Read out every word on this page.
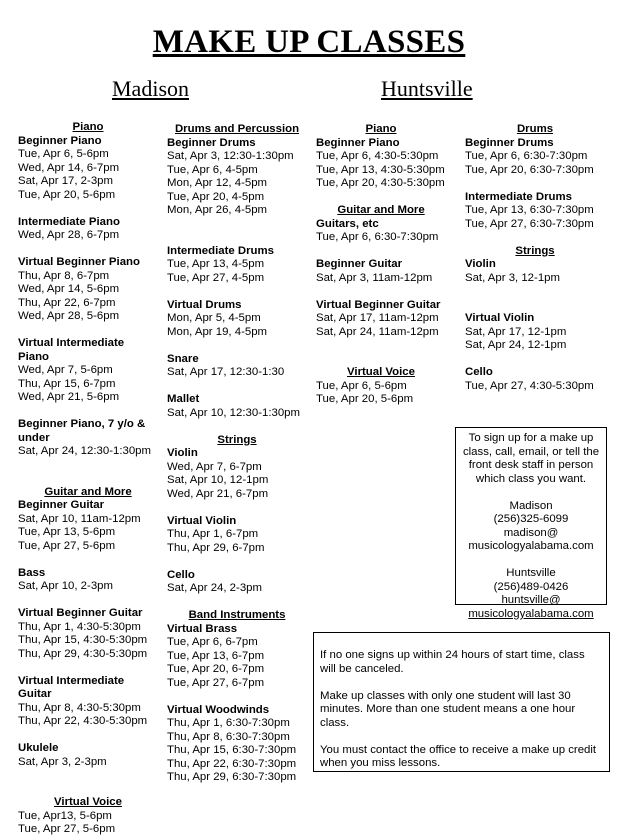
MAKE UP CLASSES
Madison	Huntsville
Piano
Beginner Piano
Tue, Apr 6, 5-6pm
Wed, Apr 14, 6-7pm
Sat, Apr 17, 2-3pm
Tue, Apr 20, 5-6pm
Intermediate Piano
Wed, Apr 28, 6-7pm
Virtual Beginner Piano
Thu, Apr 8, 6-7pm
Wed, Apr 14, 5-6pm
Thu, Apr 22, 6-7pm
Wed, Apr 28, 5-6pm
Virtual Intermediate
Piano
Wed, Apr 7, 5-6pm
Thu, Apr 15, 6-7pm
Wed, Apr 21, 5-6pm
Beginner Piano, 7 y/o &
under
Sat, Apr 24, 12:30-1:30pm
Guitar and More
Beginner Guitar
Sat, Apr 10, 11am-12pm
Tue, Apr 13, 5-6pm
Tue, Apr 27, 5-6pm
Bass
Sat, Apr 10, 2-3pm
Virtual Beginner Guitar
Thu, Apr 1, 4:30-5:30pm
Thu, Apr 15, 4:30-5:30pm
Thu, Apr 29, 4:30-5:30pm
Virtual Intermediate
Guitar
Thu, Apr 8, 4:30-5:30pm
Thu, Apr 22, 4:30-5:30pm
Ukulele
Sat, Apr 3, 2-3pm
Virtual Voice
Tue, Apr13, 5-6pm
Tue, Apr 27, 5-6pm
Drums and Percussion
Beginner Drums
Sat, Apr 3, 12:30-1:30pm
Tue, Apr 6, 4-5pm
Mon, Apr 12, 4-5pm
Tue, Apr 20, 4-5pm
Mon, Apr 26, 4-5pm
Intermediate Drums
Tue, Apr 13, 4-5pm
Tue, Apr 27, 4-5pm
Virtual Drums
Mon, Apr 5, 4-5pm
Mon, Apr 19, 4-5pm
Snare
Sat, Apr 17, 12:30-1:30
Mallet
Sat, Apr 10, 12:30-1:30pm
Strings
Violin
Wed, Apr 7, 6-7pm
Sat, Apr 10, 12-1pm
Wed, Apr 21, 6-7pm
Virtual Violin
Thu, Apr 1, 6-7pm
Thu, Apr 29, 6-7pm
Cello
Sat, Apr 24, 2-3pm
Band Instruments
Virtual Brass
Tue, Apr 6, 6-7pm
Tue, Apr 13, 6-7pm
Tue, Apr 20, 6-7pm
Tue, Apr 27, 6-7pm
Virtual Woodwinds
Thu, Apr 1, 6:30-7:30pm
Thu, Apr 8, 6:30-7:30pm
Thu, Apr 15, 6:30-7:30pm
Thu, Apr 22, 6:30-7:30pm
Thu, Apr 29, 6:30-7:30pm
Piano
Beginner Piano
Tue, Apr 6, 4:30-5:30pm
Tue, Apr 13, 4:30-5:30pm
Tue, Apr 20, 4:30-5:30pm
Guitar and More
Guitars, etc
Tue, Apr 6, 6:30-7:30pm
Beginner Guitar
Sat, Apr 3, 11am-12pm
Virtual Beginner Guitar
Sat, Apr 17, 11am-12pm
Sat, Apr 24, 11am-12pm
Virtual Voice
Tue, Apr 6, 5-6pm
Tue, Apr 20, 5-6pm
Drums
Beginner Drums
Tue, Apr 6, 6:30-7:30pm
Tue, Apr 20, 6:30-7:30pm
Intermediate Drums
Tue, Apr 13, 6:30-7:30pm
Tue, Apr 27, 6:30-7:30pm
Strings
Violin
Sat, Apr 3, 12-1pm
Virtual Violin
Sat, Apr 17, 12-1pm
Sat, Apr 24, 12-1pm
Cello
Tue, Apr 27, 4:30-5:30pm
To sign up for a make up
class, call, email, or tell the
front desk staff in person
which class you want.
Madison
(256)325-6099
madison@
musicologyalabama.com
Huntsville
(256)489-0426
huntsville@
musicologyalabama.com
If no one signs up within 24 hours of start time, class will be canceled.
Make up classes with only one student will last 30 minutes. More than one student means a one hour class.
You must contact the office to receive a make up credit when you miss lessons.
